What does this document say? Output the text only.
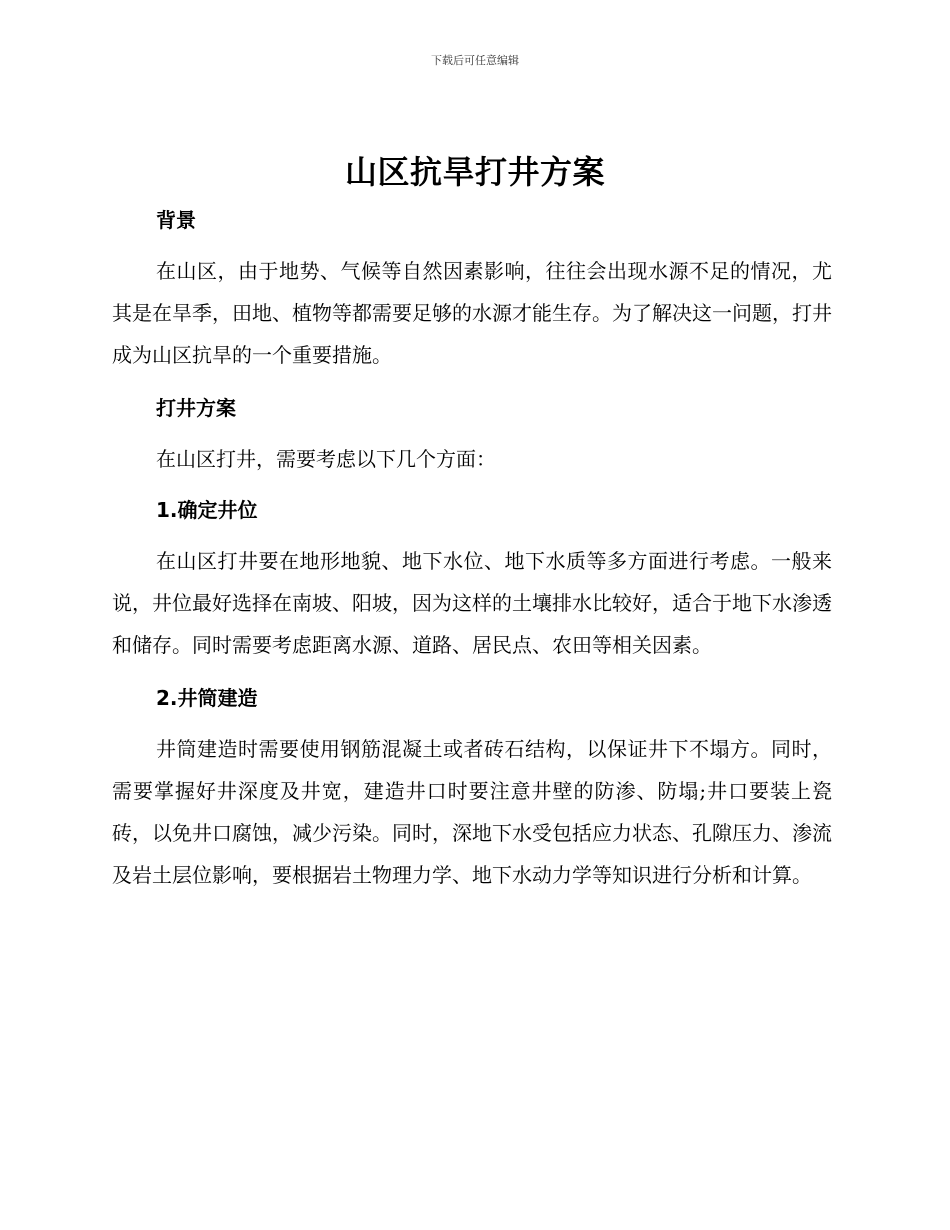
下载后可任意编辑
山区抗旱打井方案
背景

在山区，由于地势、气候等自然因素影响，往往会出现水源不足的情况，尤其是在旱季，田地、植物等都需要足够的水源才能生存。为了解决这一问题，打井成为山区抗旱的一个重要措施。

打井方案

在山区打井，需要考虑以下几个方面：

1.确定井位

在山区打井要在地形地貌、地下水位、地下水质等多方面进行考虑。一般来说，井位最好选择在南坡、阳坡，因为这样的土壤排水比较好，适合于地下水渗透和储存。同时需要考虑距离水源、道路、居民点、农田等相关因素。

2.井筒建造

井筒建造时需要使用钢筋混凝土或者砖石结构，以保证井下不塌方。同时，需要掌握好井深度及井宽，建造井口时要注意井壁的防渗、防塌;井口要装上瓷砖，以免井口腐蚀，减少污染。同时，深地下水受包括应力状态、孔隙压力、渗流及岩土层位影响，要根据岩土物理力学、地下水动力学等知识进行分析和计算。
